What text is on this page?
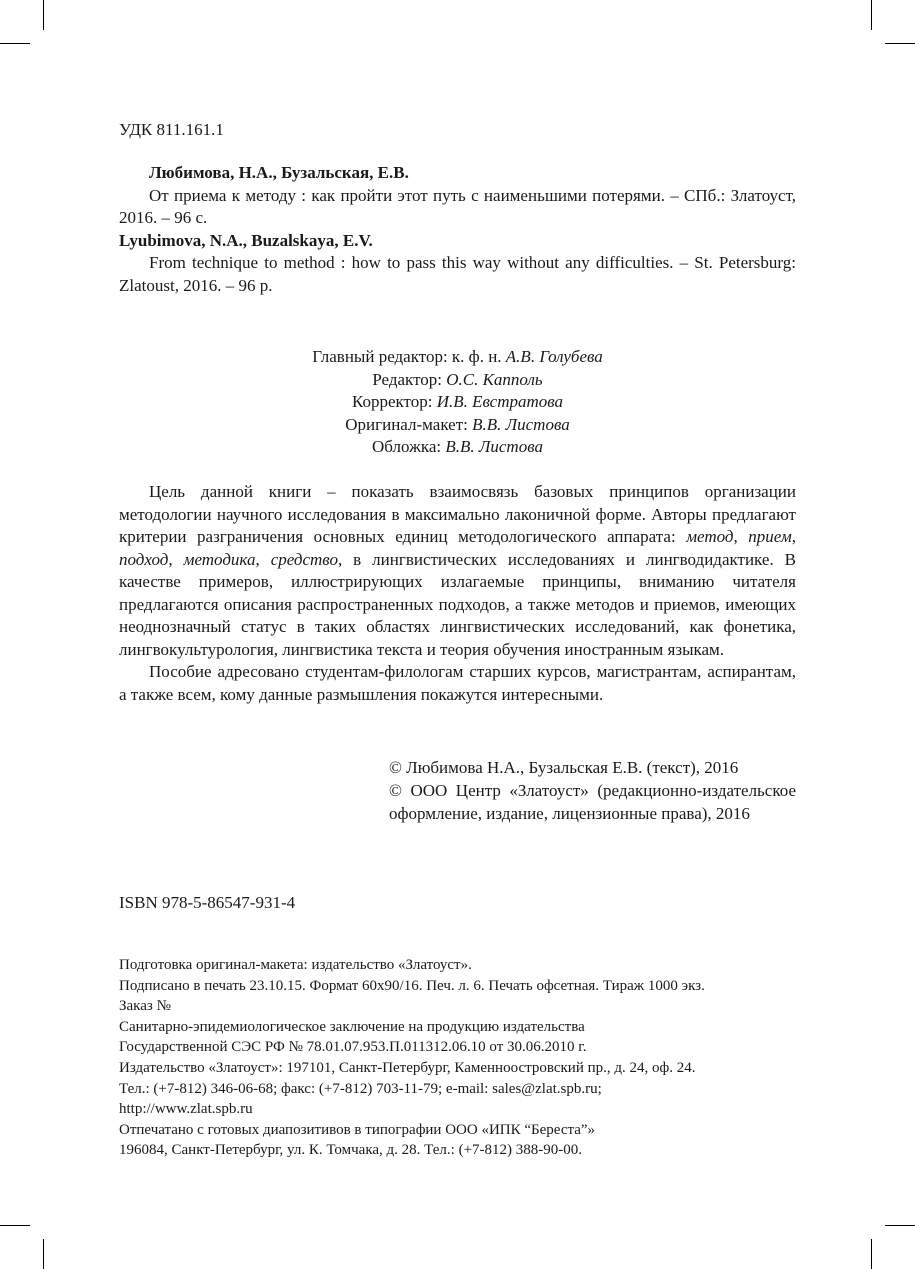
УДК 811.161.1

Любимова, Н.А., Бузальская, Е.В.

От приема к методу : как пройти этот путь с наименьшими потерями. – СПб.: Златоуст, 2016. – 96 с.

Lyubimova, N.A., Buzalskaya, E.V.

From technique to method : how to pass this way without any difficulties. – St. Petersburg: Zlatoust, 2016. – 96 p.

Главный редактор: к. ф. н. А.В. Голубева
Редактор: О.С. Капполь
Корректор: И.В. Евстратова
Оригинал-макет: В.В. Листова
Обложка: В.В. Листова

Цель данной книги – показать взаимосвязь базовых принципов организации методологии научного исследования в максимально лаконичной форме. Авторы предлагают критерии разграничения основных единиц методологического аппарата: метод, прием, подход, методика, средство, в лингвистических исследованиях и лингводидактике. В качестве примеров, иллюстрирующих излагаемые принципы, вниманию читателя предлагаются описания распространенных подходов, а также методов и приемов, имеющих неоднозначный статус в таких областях лингвистических исследований, как фонетика, лингвокультурология, лингвистика текста и теория обучения иностранным языкам.

Пособие адресовано студентам-филологам старших курсов, магистрантам, аспирантам, а также всем, кому данные размышления покажутся интересными.

© Любимова Н.А., Бузальская Е.В. (текст), 2016

© ООО Центр «Златоуст» (редакционно-издательское оформление, издание, лицензионные права), 2016

ISBN 978-5-86547-931-4

Подготовка оригинал-макета: издательство «Златоуст».

Подписано в печать 23.10.15. Формат 60х90/16. Печ. л. 6. Печать офсетная. Тираж 1000 экз.

Заказ №

Санитарно-эпидемиологическое заключение на продукцию издательства

Государственной СЭС РФ № 78.01.07.953.П.011312.06.10 от 30.06.2010 г.

Издательство «Златоуст»: 197101, Санкт-Петербург, Каменноостровский пр., д. 24, оф. 24.

Тел.: (+7-812) 346-06-68; факс: (+7-812) 703-11-79; e-mail: sales@zlat.spb.ru;

http://www.zlat.spb.ru

Отпечатано с готовых диапозитивов в типографии ООО «ИПК “Береста”»

196084, Санкт-Петербург, ул. К. Томчака, д. 28. Тел.: (+7-812) 388-90-00.
